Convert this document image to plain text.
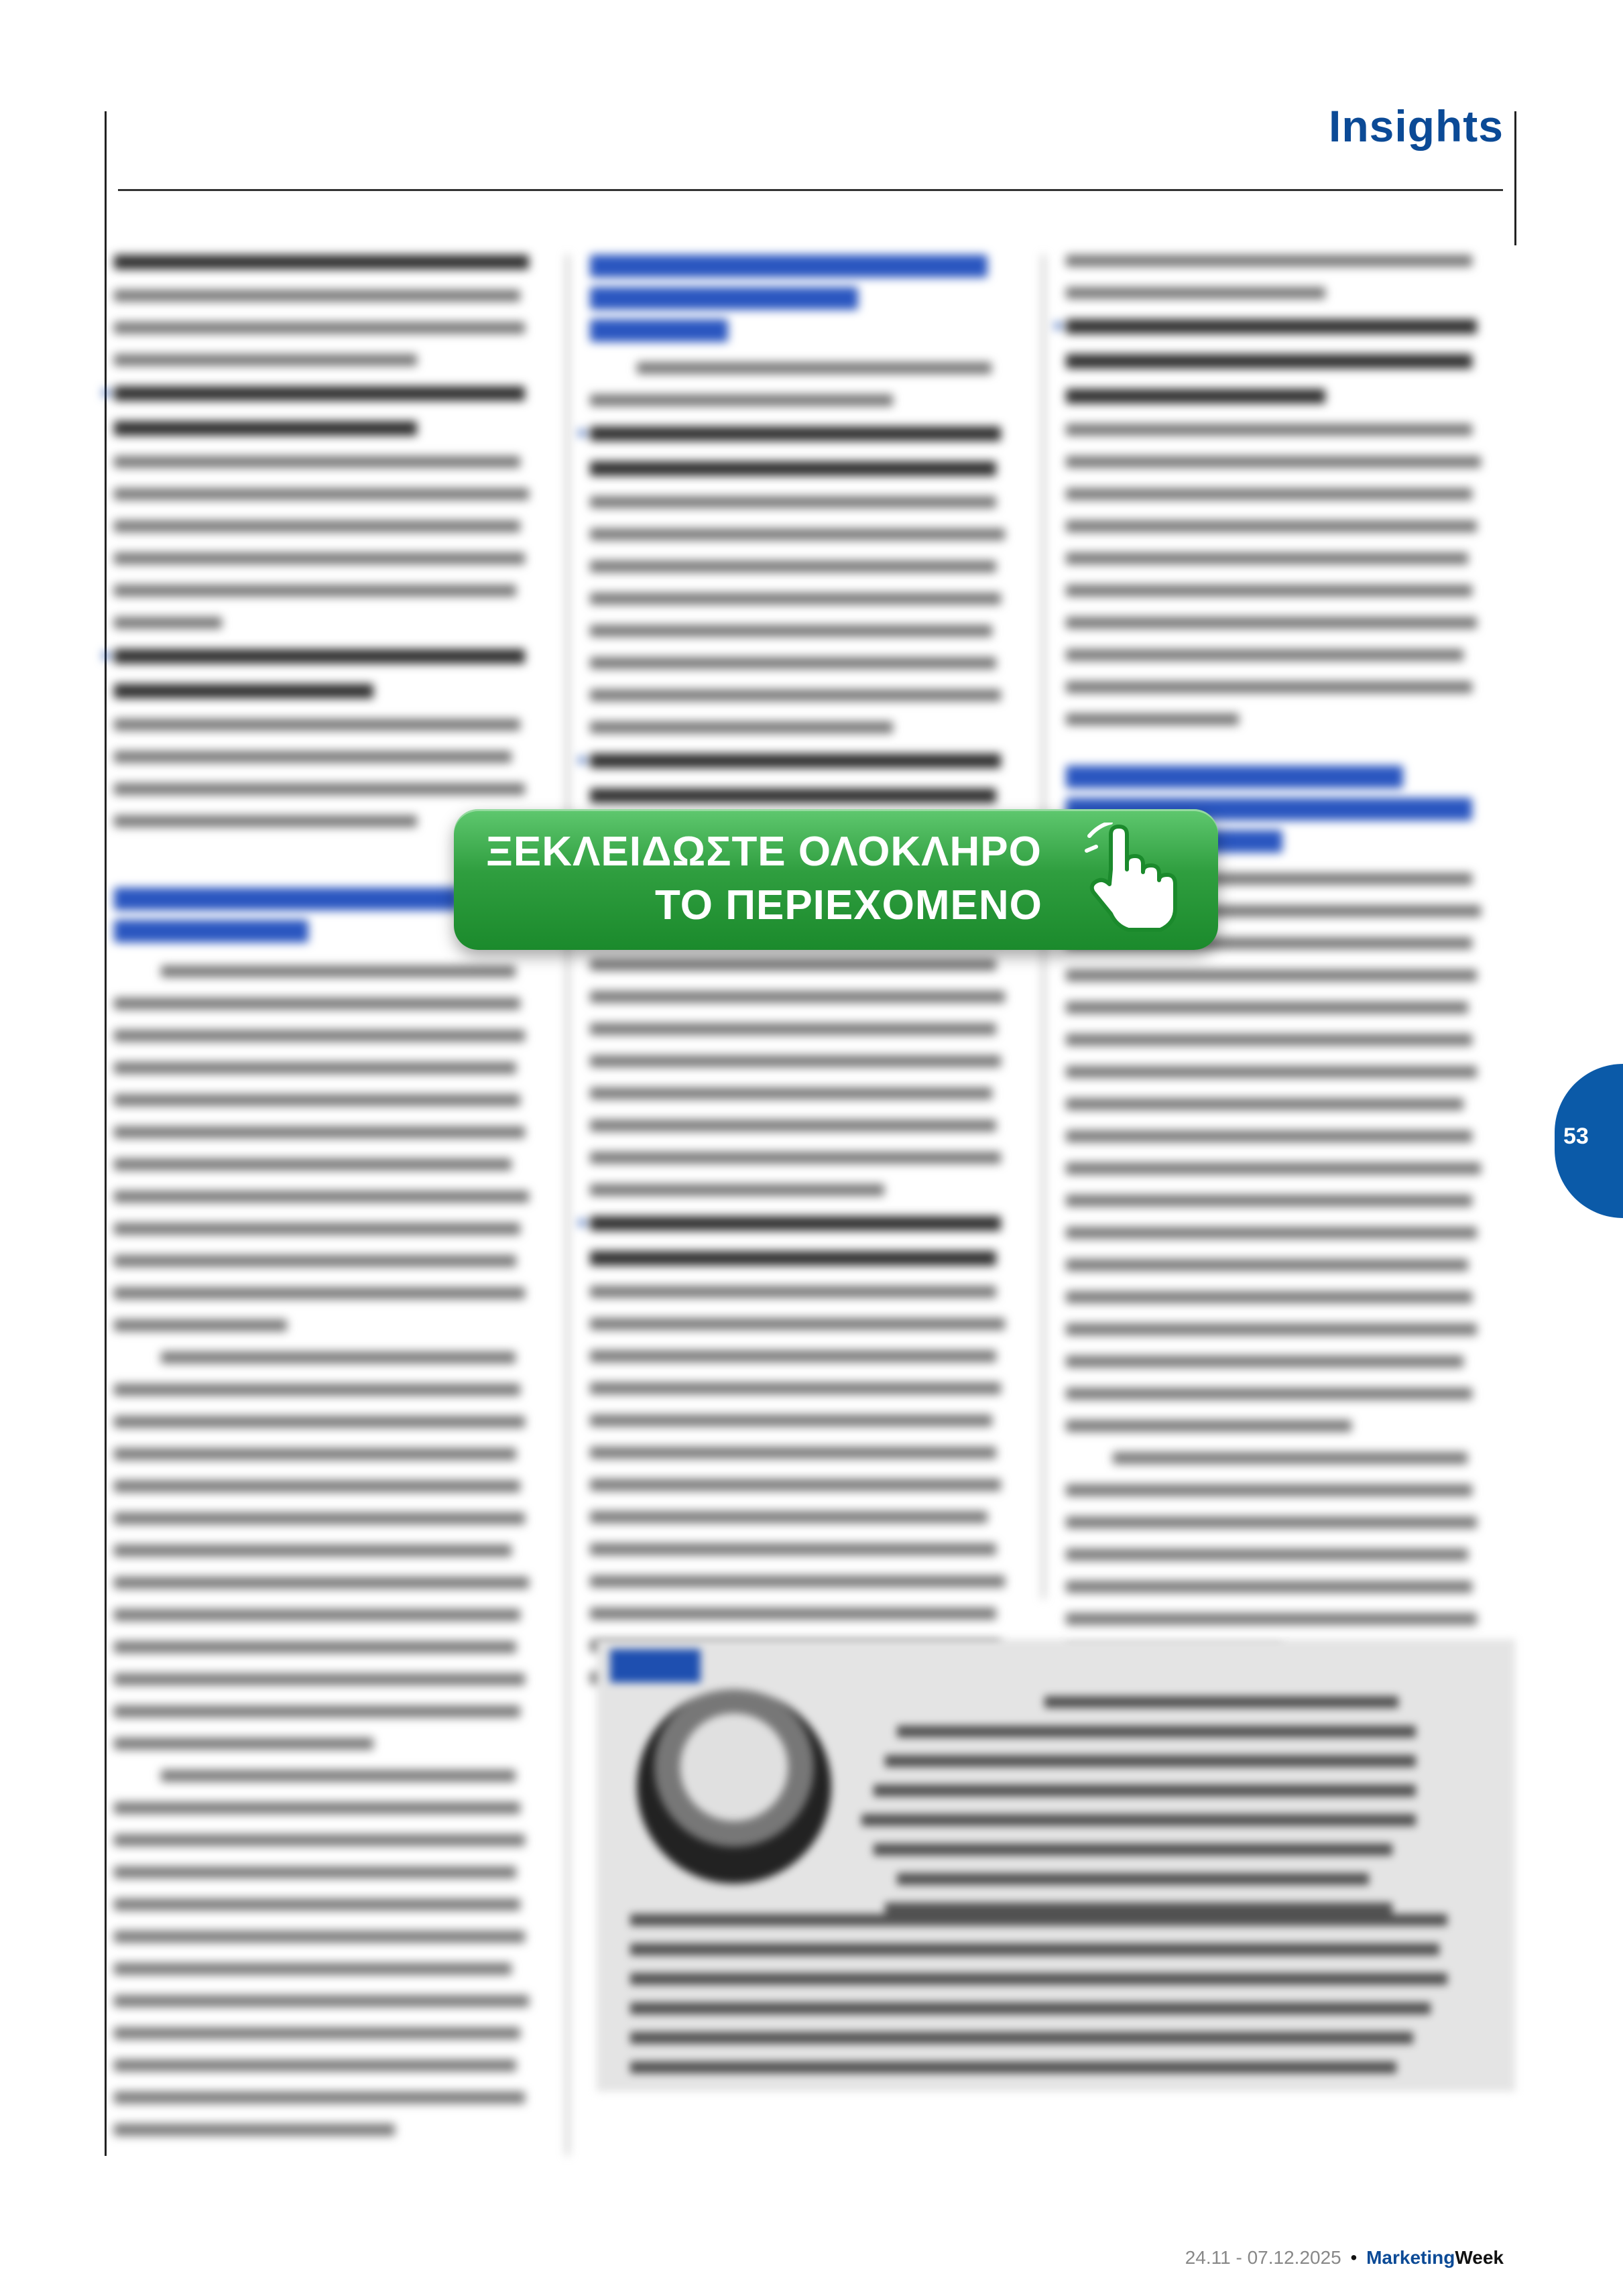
Insights
53
ΞΕΚΛΕΙΔΩΣΤΕ ΟΛΟΚΛΗΡΟ
ΤΟ ΠΕΡΙΕΧΟΜΕΝΟ
24.11 - 07.12.2025 • MarketingWeek
